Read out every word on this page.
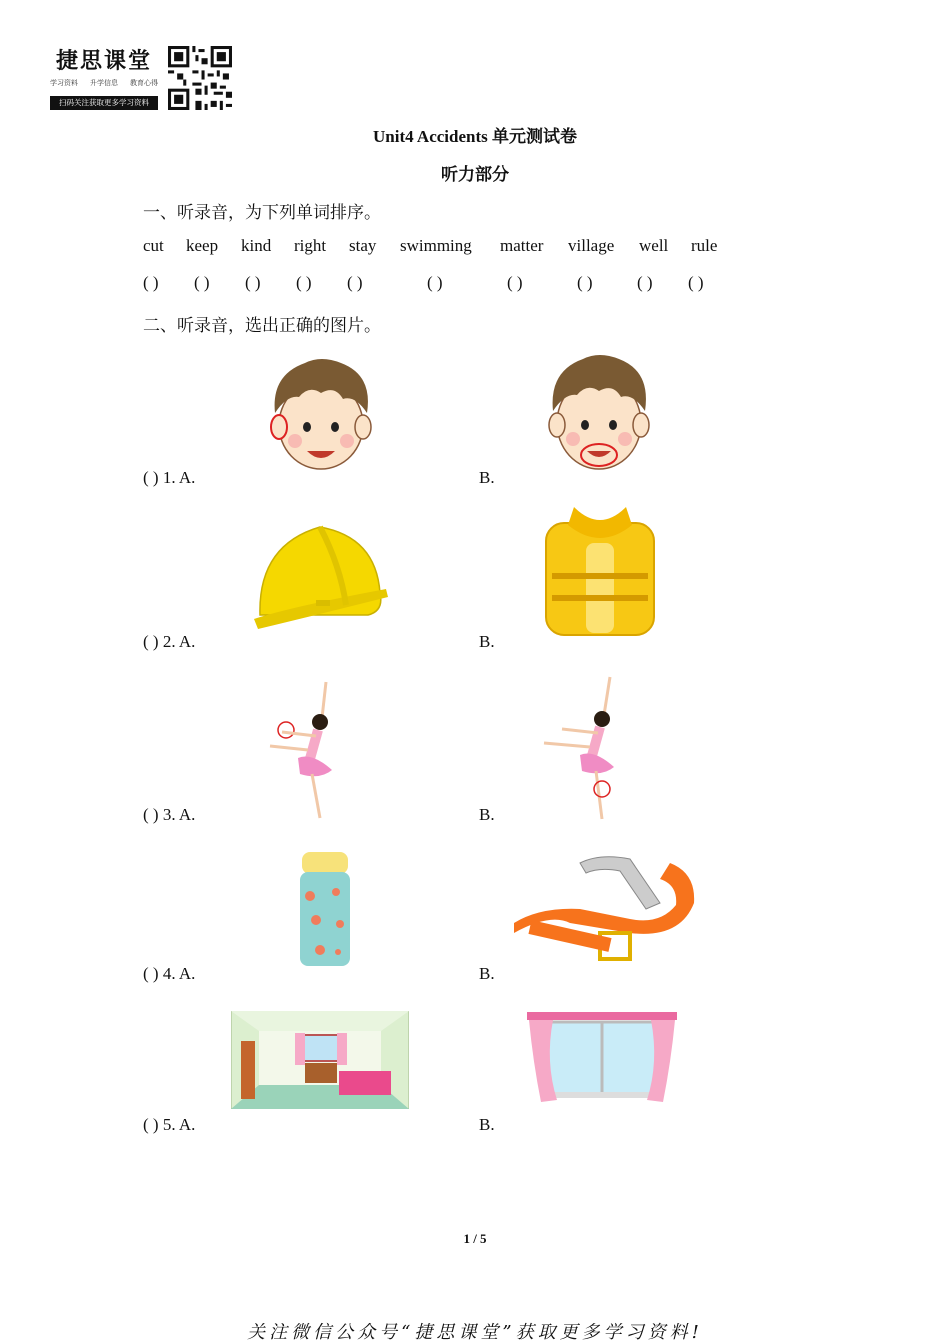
捷思课堂
学习资料 升学信息 教育心得
扫码关注获取更多学习资料
Unit4 Accidents 单元测试卷
听力部分
一、听录音，为下列单词排序。
cut keep kind right stay swimming matter village well rule
( ) ( ) ( ) ( ) ( )	( )	( )	( )	( ) ( )
二、听录音，选出正确的图片。
( ) 1. A.	B.
( ) 2. A.	B.
( ) 3. A.	B.
( ) 4. A.	B.
( ) 5. A.	B.
1 / 5
关注微信公众号“捷思课堂”获取更多学习资料!
